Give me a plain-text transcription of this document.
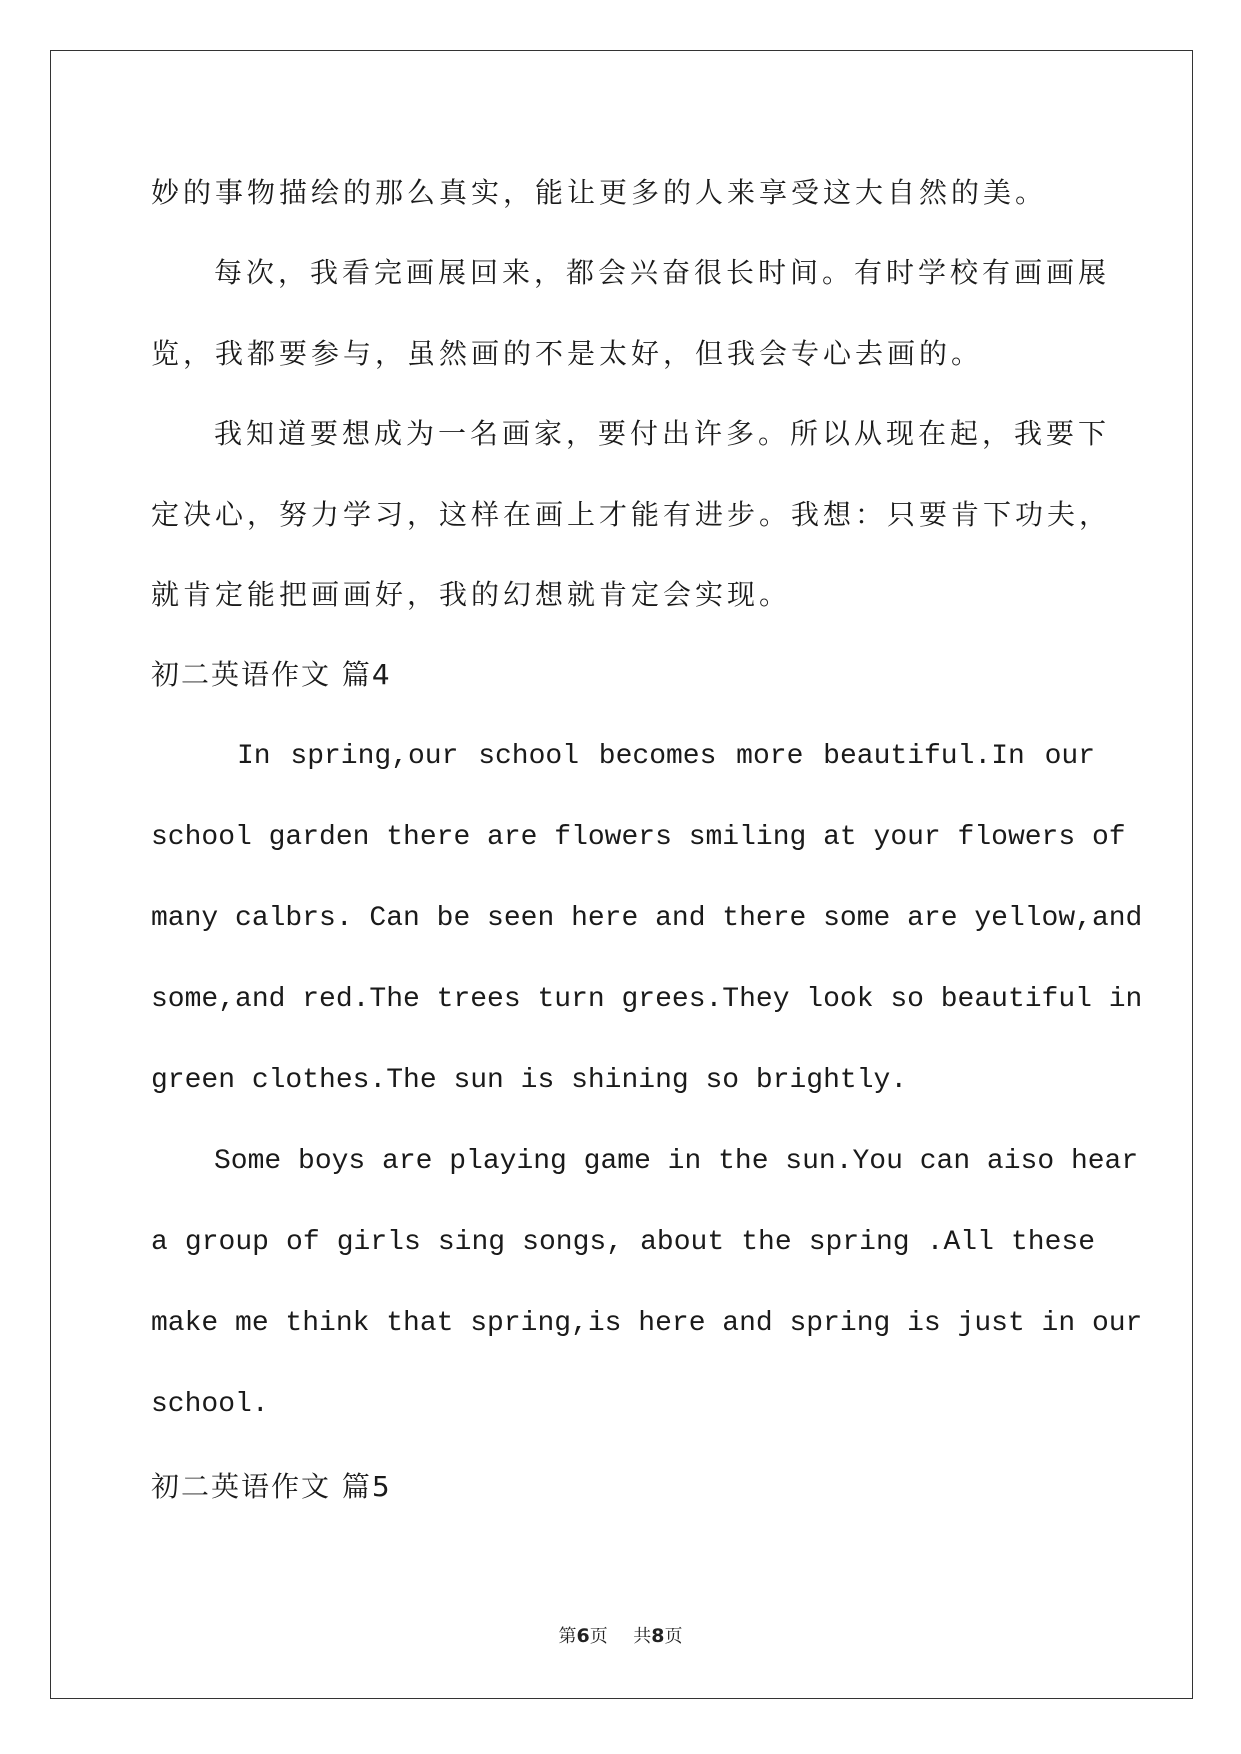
妙的事物描绘的那么真实，能让更多的人来享受这大自然的美。
每次，我看完画展回来，都会兴奋很长时间。有时学校有画画展
览，我都要参与，虽然画的不是太好，但我会专心去画的。
我知道要想成为一名画家，要付出许多。所以从现在起，我要下
定决心，努力学习，这样在画上才能有进步。我想：只要肯下功夫，
就肯定能把画画好，我的幻想就肯定会实现。
初二英语作文 篇4
In spring,our school becomes more beautiful.In our
school garden there are flowers smiling at your flowers of
many calbrs. Can be seen here and there some are yellow,and
some,and red.The trees turn grees.They look so beautiful in
green clothes.The sun is shining so brightly.
Some boys are playing game in the sun.You can aiso hear
a group of girls sing songs, about the spring .All these
make me think that spring,is here and spring is just in our
school.
初二英语作文 篇5
第6页 共8页
